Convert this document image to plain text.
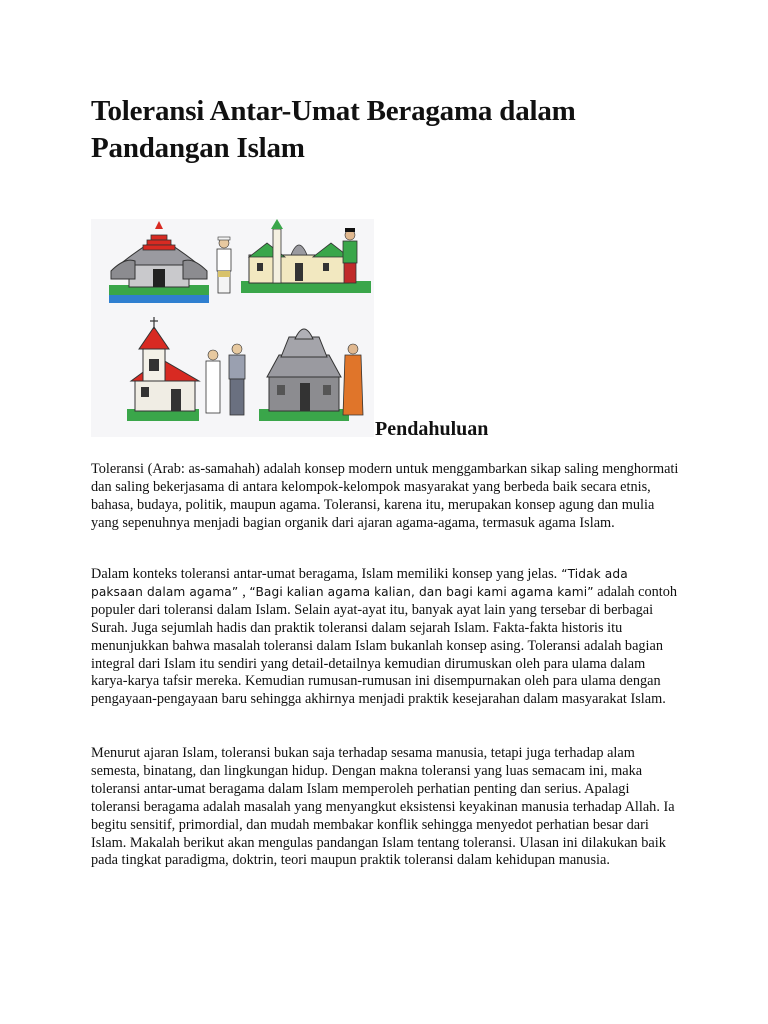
Toleransi Antar-Umat Beragama dalam Pandangan Islam
Pendahuluan

Toleransi (Arab: as-samahah) adalah konsep modern untuk menggambarkan sikap saling menghormati dan saling bekerjasama di antara kelompok-kelompok masyarakat yang berbeda baik secara etnis, bahasa, budaya, politik, maupun agama. Toleransi, karena itu, merupakan konsep agung dan mulia yang sepenuhnya menjadi bagian organik dari ajaran agama-agama, termasuk agama Islam.

Dalam konteks toleransi antar-umat beragama, Islam memiliki konsep yang jelas. “Tidak ada paksaan dalam agama” , “Bagi kalian agama kalian, dan bagi kami agama kami” adalah contoh populer dari toleransi dalam Islam. Selain ayat-ayat itu, banyak ayat lain yang tersebar di berbagai Surah. Juga sejumlah hadis dan praktik toleransi dalam sejarah Islam. Fakta-fakta historis itu menunjukkan bahwa masalah toleransi dalam Islam bukanlah konsep asing. Toleransi adalah bagian integral dari Islam itu sendiri yang detail-detailnya kemudian dirumuskan oleh para ulama dalam karya-karya tafsir mereka. Kemudian rumusan-rumusan ini disempurnakan oleh para ulama dengan pengayaan-pengayaan baru sehingga akhirnya menjadi praktik kesejarahan dalam masyarakat Islam.

Menurut ajaran Islam, toleransi bukan saja terhadap sesama manusia, tetapi juga terhadap alam semesta, binatang, dan lingkungan hidup. Dengan makna toleransi yang luas semacam ini, maka toleransi antar-umat beragama dalam Islam memperoleh perhatian penting dan serius. Apalagi toleransi beragama adalah masalah yang menyangkut eksistensi keyakinan manusia terhadap Allah. Ia begitu sensitif, primordial, dan mudah membakar konflik sehingga menyedot perhatian besar dari Islam. Makalah berikut akan mengulas pandangan Islam tentang toleransi. Ulasan ini dilakukan baik pada tingkat paradigma, doktrin, teori maupun praktik toleransi dalam kehidupan manusia.
